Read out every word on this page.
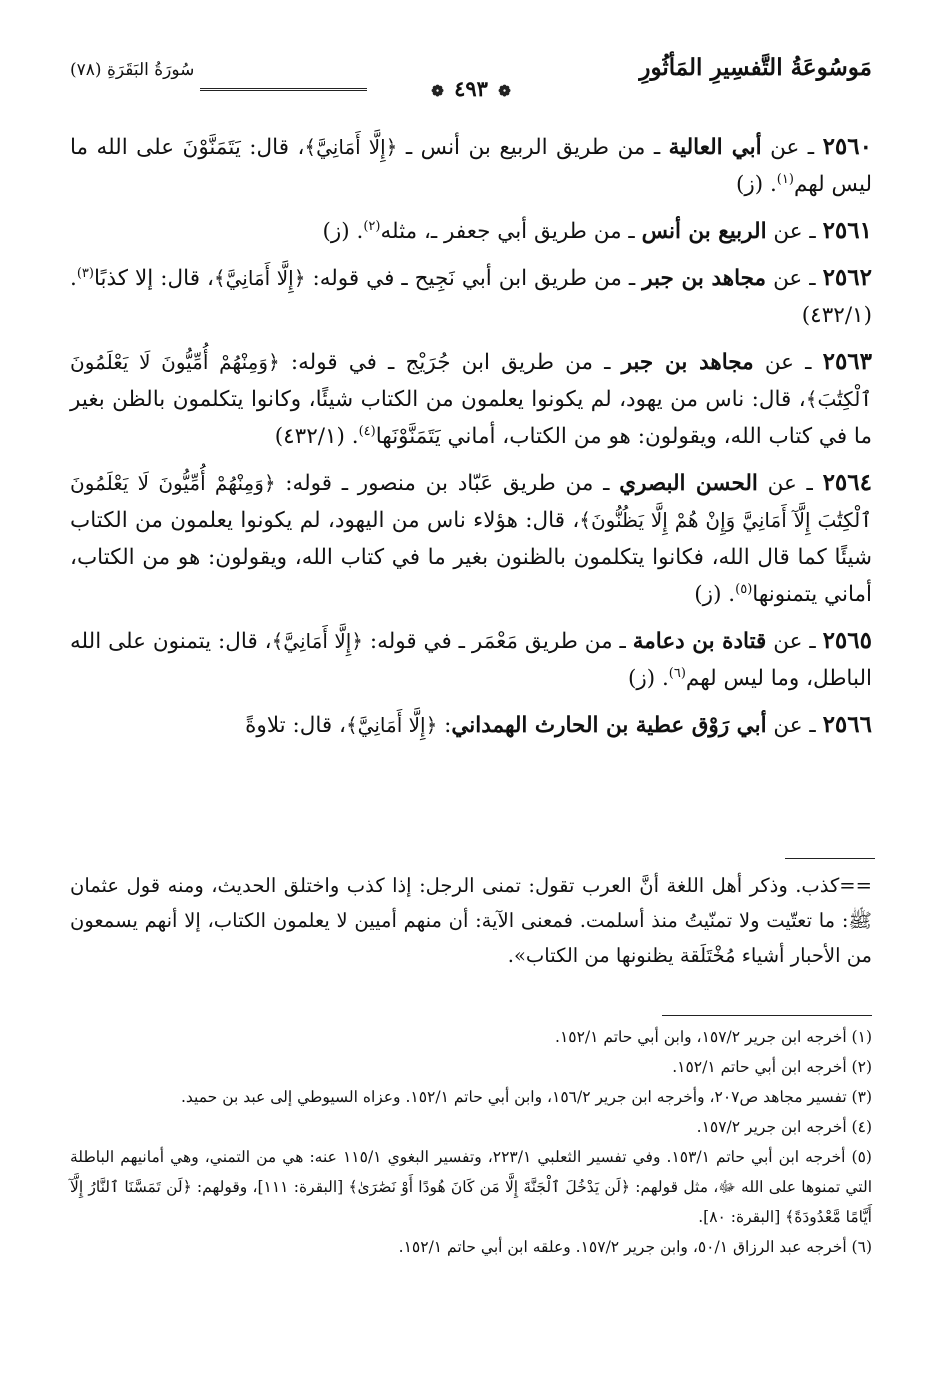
مَوسُوعَةُ التَّفسِيرِ المَأثُورِ
❁ ٤٩٣ ❁
سُورَةُ البَقَرَةِ (٧٨)

٢٥٦٠ ـ عن أبي العالية ـ من طريق الربيع بن أنس ـ ﴿إِلَّا أَمَانِيَّ﴾، قال: يَتَمَنَّوْنَ على الله ما ليس لهم$^{(١)}$. (ز)

٢٥٦١ ـ عن الربيع بن أنس ـ من طريق أبي جعفر ـ، مثله$^{(٢)}$. (ز)

٢٥٦٢ ـ عن مجاهد بن جبر ـ من طريق ابن أبي نَجِيح ـ في قوله: ﴿إِلَّا أَمَانِيَّ﴾، قال: إلا كذبًا$^{(٣)}$. (٤٣٢/١)

٢٥٦٣ ـ عن مجاهد بن جبر ـ من طريق ابن جُرَيْج ـ في قوله: ﴿وَمِنْهُمْ أُمِّيُّونَ لَا يَعْلَمُونَ ٱلْكِتَٰبَ﴾، قال: ناس من يهود، لم يكونوا يعلمون من الكتاب شيئًا، وكانوا يتكلمون بالظن بغير ما في كتاب الله، ويقولون: هو من الكتاب، أماني يَتَمَنَّوْنَها$^{(٤)}$. (٤٣٢/١)

٢٥٦٤ ـ عن الحسن البصري ـ من طريق عَبّاد بن منصور ـ قوله: ﴿وَمِنْهُمْ أُمِّيُّونَ لَا يَعْلَمُونَ ٱلْكِتَٰبَ إِلَّآ أَمَانِيَّ وَإِنْ هُمْ إِلَّا يَظُنُّونَ﴾، قال: هؤلاء ناس من اليهود، لم يكونوا يعلمون من الكتاب شيئًا كما قال الله، فكانوا يتكلمون بالظنون بغير ما في كتاب الله، ويقولون: هو من الكتاب، أماني يتمنونها$^{(٥)}$. (ز)

٢٥٦٥ ـ عن قتادة بن دعامة ـ من طريق مَعْمَر ـ في قوله: ﴿إِلَّا أَمَانِيَّ﴾، قال: يتمنون على الله الباطل، وما ليس لهم$^{(٦)}$. (ز)

٢٥٦٦ ـ عن أبي رَوْق عطية بن الحارث الهمداني: ﴿إِلَّا أَمَانِيَّ﴾، قال: تلاوةً

==كذب. وذكر أهل اللغة أنَّ العرب تقول: تمنى الرجل: إذا كذب واختلق الحديث، ومنه قول عثمان ﷺ: ما تعتّيت ولا تمنّيتُ منذ أسلمت. فمعنى الآية: أن منهم أميين لا يعلمون الكتاب، إلا أنهم يسمعون من الأحبار أشياء مُخْتَلَقة يظنونها من الكتاب».

(١) أخرجه ابن جرير ١٥٧/٢، وابن أبي حاتم ١٥٢/١.

(٢) أخرجه ابن أبي حاتم ١٥٢/١.

(٣) تفسير مجاهد ص٢٠٧، وأخرجه ابن جرير ١٥٦/٢، وابن أبي حاتم ١٥٢/١. وعزاه السيوطي إلى عبد بن حميد.

(٤) أخرجه ابن جرير ١٥٧/٢.

(٥) أخرجه ابن أبي حاتم ١٥٣/١. وفي تفسير الثعلبي ٢٢٣/١، وتفسير البغوي ١١٥/١ عنه: هي من التمني، وهي أمانيهم الباطلة التي تمنوها على الله ﷻ، مثل قولهم: ﴿لَن يَدْخُلَ ٱلْجَنَّةَ إِلَّا مَن كَانَ هُودًا أَوْ نَصَٰرَىٰ﴾ [البقرة: ١١١]، وقولهم: ﴿لَن تَمَسَّنَا ٱلنَّارُ إِلَّآ أَيَّامًا مَّعْدُودَةً﴾ [البقرة: ٨٠].

(٦) أخرجه عبد الرزاق ٥٠/١، وابن جرير ١٥٧/٢. وعلقه ابن أبي حاتم ١٥٢/١.
